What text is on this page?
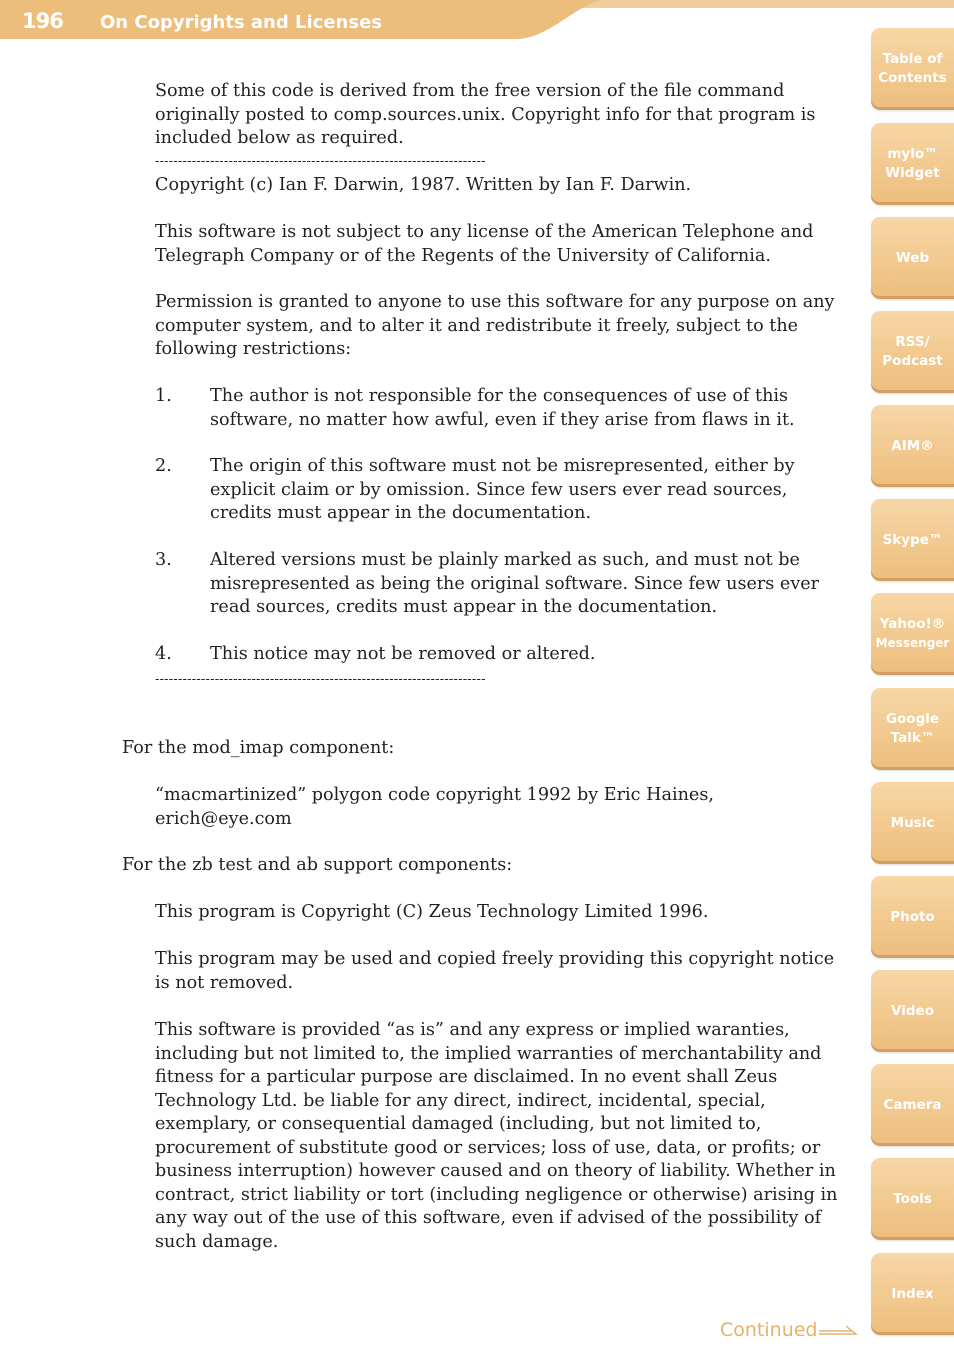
196 On Copyrights and Licenses

Some of this code is derived from the free version of the file command originally posted to comp.sources.unix. Copyright info for that program is included below as required.

------------------------------------------------------------------------

Copyright (c) Ian F. Darwin, 1987. Written by Ian F. Darwin.

This software is not subject to any license of the American Telephone and Telegraph Company or of the Regents of the University of California.

Permission is granted to anyone to use this software for any purpose on any computer system, and to alter it and redistribute it freely, subject to the following restrictions:

1. The author is not responsible for the consequences of use of this software, no matter how awful, even if they arise from flaws in it.

2. The origin of this software must not be misrepresented, either by explicit claim or by omission. Since few users ever read sources, credits must appear in the documentation.

3. Altered versions must be plainly marked as such, and must not be misrepresented as being the original software. Since few users ever read sources, credits must appear in the documentation.

4. This notice may not be removed or altered.

------------------------------------------------------------------------

For the mod_imap component:

“macmartinized” polygon code copyright 1992 by Eric Haines, erich@eye.com

For the zb test and ab support components:

This program is Copyright (C) Zeus Technology Limited 1996.

This program may be used and copied freely providing this copyright notice is not removed.

This software is provided “as is” and any express or implied waranties, including but not limited to, the implied warranties of merchantability and fitness for a particular purpose are disclaimed. In no event shall Zeus Technology Ltd. be liable for any direct, indirect, incidental, special, exemplary, or consequential damaged (including, but not limited to, procurement of substitute good or services; loss of use, data, or profits; or business interruption) however caused and on theory of liability. Whether in contract, strict liability or tort (including negligence or otherwise) arising in any way out of the use of this software, even if advised of the possibility of such damage.

Table of
Contents
mylo™
Widget
Web
RSS/
Podcast
AIM®
Skype™
Yahoo!®
Messenger
Google
Talk™
Music
Photo
Video
Camera
Tools
Index
Continued
